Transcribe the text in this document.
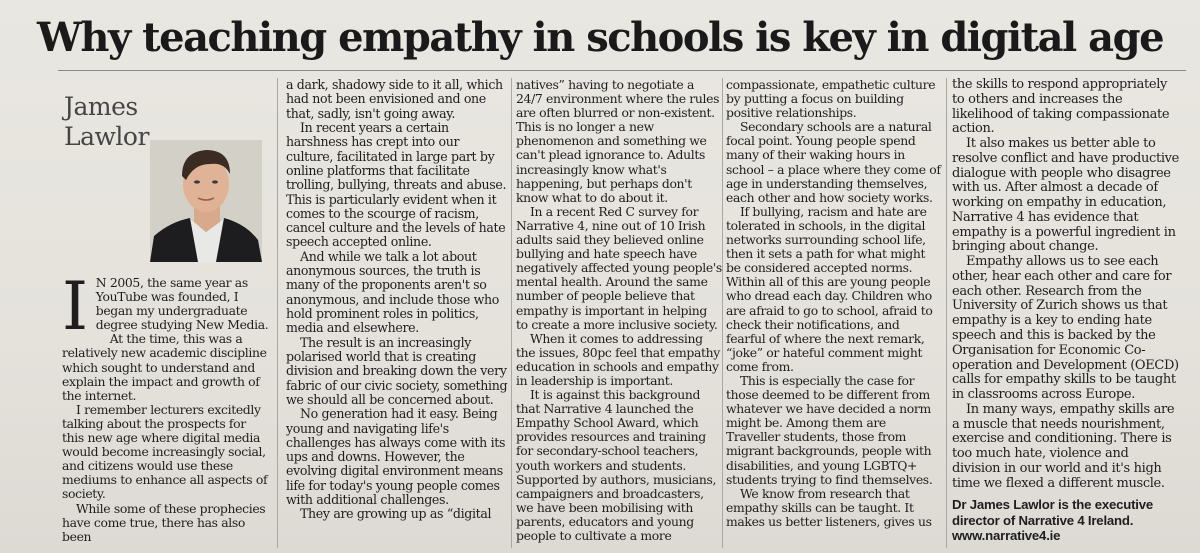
Why teaching empathy in schools is key in digital age
James
Lawlor

I N 2005, the same year as YouTube was founded, I began my undergraduate degree studying New Media.

At the time, this was a relatively new academic discipline which sought to understand and explain the impact and growth of the internet.

I remember lecturers excitedly talking about the prospects for this new age where digital media would become increasingly social, and citizens would use these mediums to enhance all aspects of society.

While some of these prophecies have come true, there has also been

a dark, shadowy side to it all, which had not been envisioned and one that, sadly, isn't going away.

In recent years a certain harshness has crept into our culture, facilitated in large part by online platforms that facilitate trolling, bullying, threats and abuse. This is particularly evident when it comes to the scourge of racism, cancel culture and the levels of hate speech accepted online.

And while we talk a lot about anonymous sources, the truth is many of the proponents aren't so anonymous, and include those who hold prominent roles in politics, media and elsewhere.

The result is an increasingly polarised world that is creating division and breaking down the very fabric of our civic society, something we should all be concerned about.

No generation had it easy. Being young and navigating life's challenges has always come with its ups and downs. However, the evolving digital environment means life for today's young people comes with additional challenges.

They are growing up as “digital

natives” having to negotiate a 24/7 environment where the rules are often blurred or non-existent. This is no longer a new phenomenon and something we can't plead ignorance to. Adults increasingly know what's happening, but perhaps don't know what to do about it.

In a recent Red C survey for Narrative 4, nine out of 10 Irish adults said they believed online bullying and hate speech have negatively affected young people's mental health. Around the same number of people believe that empathy is important in helping to create a more inclusive society.

When it comes to addressing the issues, 80pc feel that empathy education in schools and empathy in leadership is important.

It is against this background that Narrative 4 launched the Empathy School Award, which provides resources and training for secondary-school teachers, youth workers and students. Supported by authors, musicians, campaigners and broadcasters, we have been mobilising with parents, educators and young people to cultivate a more

compassionate, empathetic culture by putting a focus on building positive relationships.

Secondary schools are a natural focal point. Young people spend many of their waking hours in school – a place where they come of age in understanding themselves, each other and how society works.

If bullying, racism and hate are tolerated in schools, in the digital networks surrounding school life, then it sets a path for what might be considered accepted norms. Within all of this are young people who dread each day. Children who are afraid to go to school, afraid to check their notifications, and fearful of where the next remark, “joke” or hateful comment might come from.

This is especially the case for those deemed to be different from whatever we have decided a norm might be. Among them are Traveller students, those from migrant backgrounds, people with disabilities, and young LGBTQ+ students trying to find themselves.

We know from research that empathy skills can be taught. It makes us better listeners, gives us

the skills to respond appropriately to others and increases the likelihood of taking compassionate action.

It also makes us better able to resolve conflict and have productive dialogue with people who disagree with us. After almost a decade of working on empathy in education, Narrative 4 has evidence that empathy is a powerful ingredient in bringing about change.

Empathy allows us to see each other, hear each other and care for each other. Research from the University of Zurich shows us that empathy is a key to ending hate speech and this is backed by the Organisation for Economic Co-operation and Development (OECD) calls for empathy skills to be taught in classrooms across Europe.

In many ways, empathy skills are a muscle that needs nourishment, exercise and conditioning. There is too much hate, violence and division in our world and it's high time we flexed a different muscle.

Dr James Lawlor is the executive director of Narrative 4 Ireland. www.narrative4.ie
